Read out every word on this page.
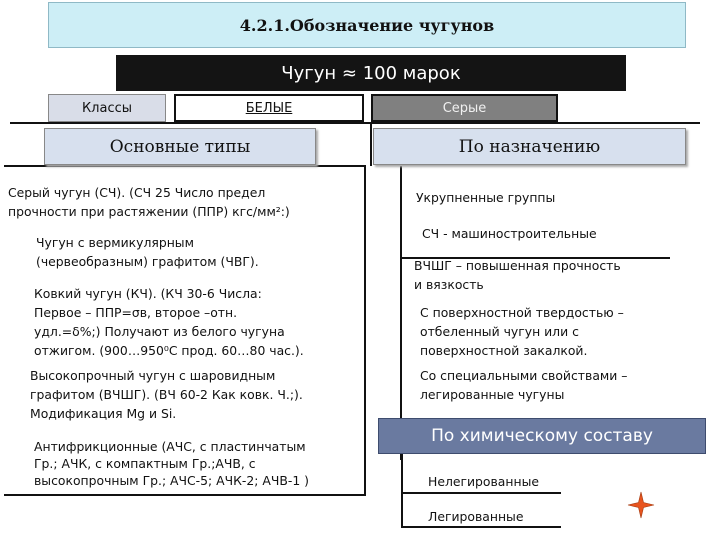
4.2.1.Обозначение чугунов
Чугун ≈ 100 марок
Классы	БЕЛЫЕ	Серые
Основные типы	По назначению
Серый чугун (СЧ). (СЧ 25 Число предел
прочности при растяжении (ППР) кгс/мм²:)
Чугун с вермикулярным
(червеобразным) графитом (ЧВГ).
Ковкий чугун (КЧ). (КЧ 30-6 Числа:
Первое – ППР=σв, второе –отн.
удл.=δ%;) Получают из белого чугуна
отжигом. (900…950⁰С прод. 60…80 час.).
Высокопрочный чугун с шаровидным
графитом (ВЧШГ). (ВЧ 60-2 Как ковк. Ч.;).
Модификация Mg и Si.
Антифрикционные (АЧС, с пластинчатым
Гр.; АЧК, с компактным Гр.;АЧВ, с
высокопрочным Гр.; АЧС-5; АЧК-2; АЧВ-1 )
Укрупненные группы
СЧ - машиностроительные
ВЧШГ – повышенная прочность
и вязкость
С поверхностной твердостью –
отбеленный чугун или с
поверхностной закалкой.
Со специальными свойствами –
легированные чугуны
По химическому составу
Нелегированные
Легированные
